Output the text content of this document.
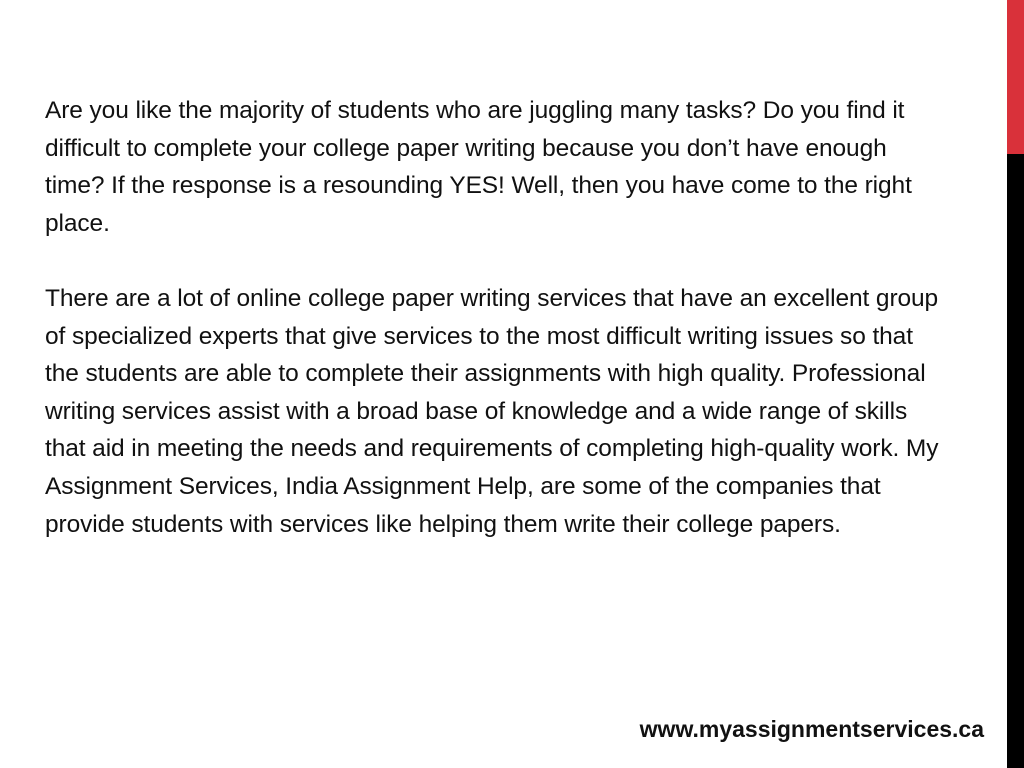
Are you like the majority of students who are juggling many tasks? Do you find it difficult to complete your college paper writing because you don’t have enough time? If the response is a resounding YES! Well, then you have come to the right place.

There are a lot of online college paper writing services that have an excellent group of specialized experts that give services to the most difficult writing issues so that the students are able to complete their assignments with high quality. Professional writing services assist with a broad base of knowledge and a wide range of skills that aid in meeting the needs and requirements of completing high-quality work. My Assignment Services, India Assignment Help, are some of the companies that provide students with services like helping them write their college papers.

www.myassignmentservices.ca
